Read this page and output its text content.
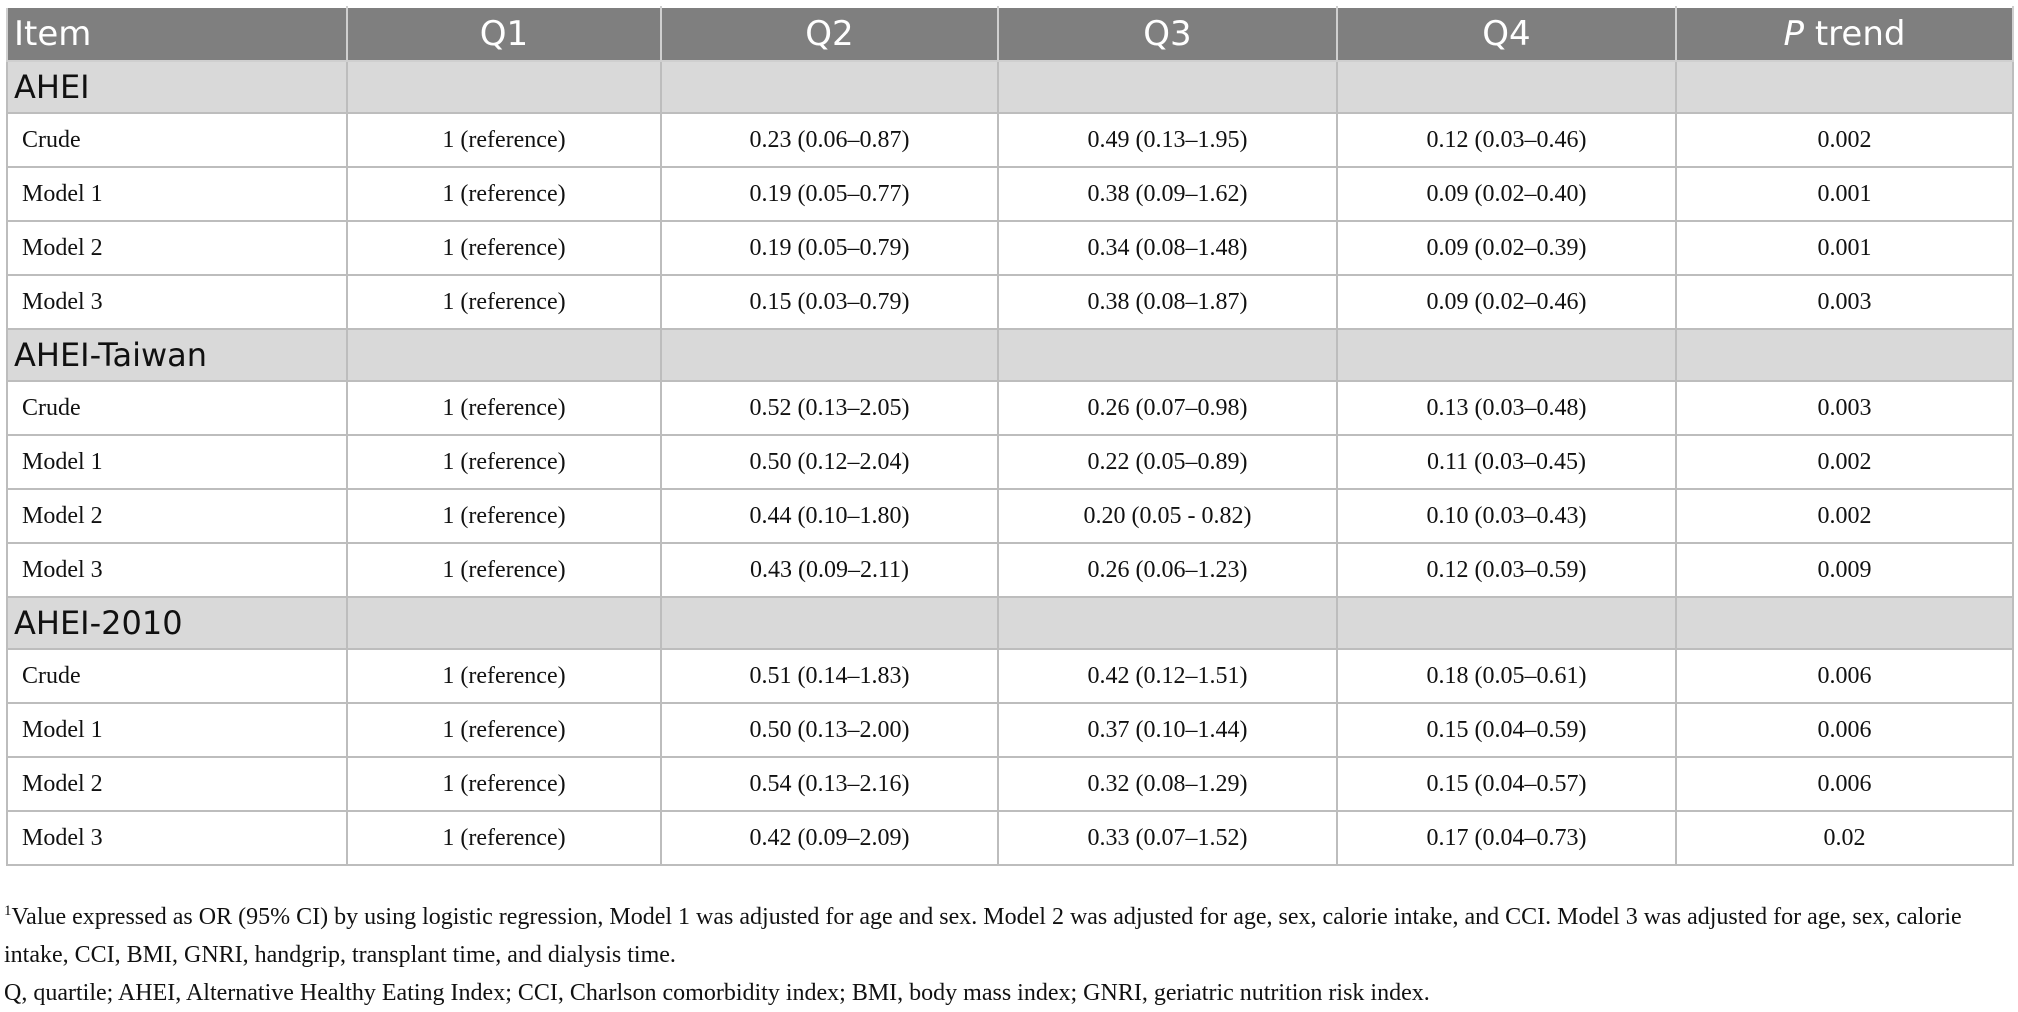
Item	Q1	Q2	Q3	Q4	P trend
AHEI					
Crude	1 (reference)	0.23 (0.06–0.87)	0.49 (0.13–1.95)	0.12 (0.03–0.46)	0.002
Model 1	1 (reference)	0.19 (0.05–0.77)	0.38 (0.09–1.62)	0.09 (0.02–0.40)	0.001
Model 2	1 (reference)	0.19 (0.05–0.79)	0.34 (0.08–1.48)	0.09 (0.02–0.39)	0.001
Model 3	1 (reference)	0.15 (0.03–0.79)	0.38 (0.08–1.87)	0.09 (0.02–0.46)	0.003
AHEI-Taiwan					
Crude	1 (reference)	0.52 (0.13–2.05)	0.26 (0.07–0.98)	0.13 (0.03–0.48)	0.003
Model 1	1 (reference)	0.50 (0.12–2.04)	0.22 (0.05–0.89)	0.11 (0.03–0.45)	0.002
Model 2	1 (reference)	0.44 (0.10–1.80)	0.20 (0.05 - 0.82)	0.10 (0.03–0.43)	0.002
Model 3	1 (reference)	0.43 (0.09–2.11)	0.26 (0.06–1.23)	0.12 (0.03–0.59)	0.009
AHEI-2010					
Crude	1 (reference)	0.51 (0.14–1.83)	0.42 (0.12–1.51)	0.18 (0.05–0.61)	0.006
Model 1	1 (reference)	0.50 (0.13–2.00)	0.37 (0.10–1.44)	0.15 (0.04–0.59)	0.006
Model 2	1 (reference)	0.54 (0.13–2.16)	0.32 (0.08–1.29)	0.15 (0.04–0.57)	0.006
Model 3	1 (reference)	0.42 (0.09–2.09)	0.33 (0.07–1.52)	0.17 (0.04–0.73)	0.02

$^1$Value expressed as OR (95% CI) by using logistic regression, Model 1 was adjusted for age and sex. Model 2 was adjusted for age, sex, calorie intake, and CCI. Model 3 was adjusted for age, sex, calorie intake, CCI, BMI, GNRI, handgrip, transplant time, and dialysis time.

Q, quartile; AHEI, Alternative Healthy Eating Index; CCI, Charlson comorbidity index; BMI, body mass index; GNRI, geriatric nutrition risk index.
